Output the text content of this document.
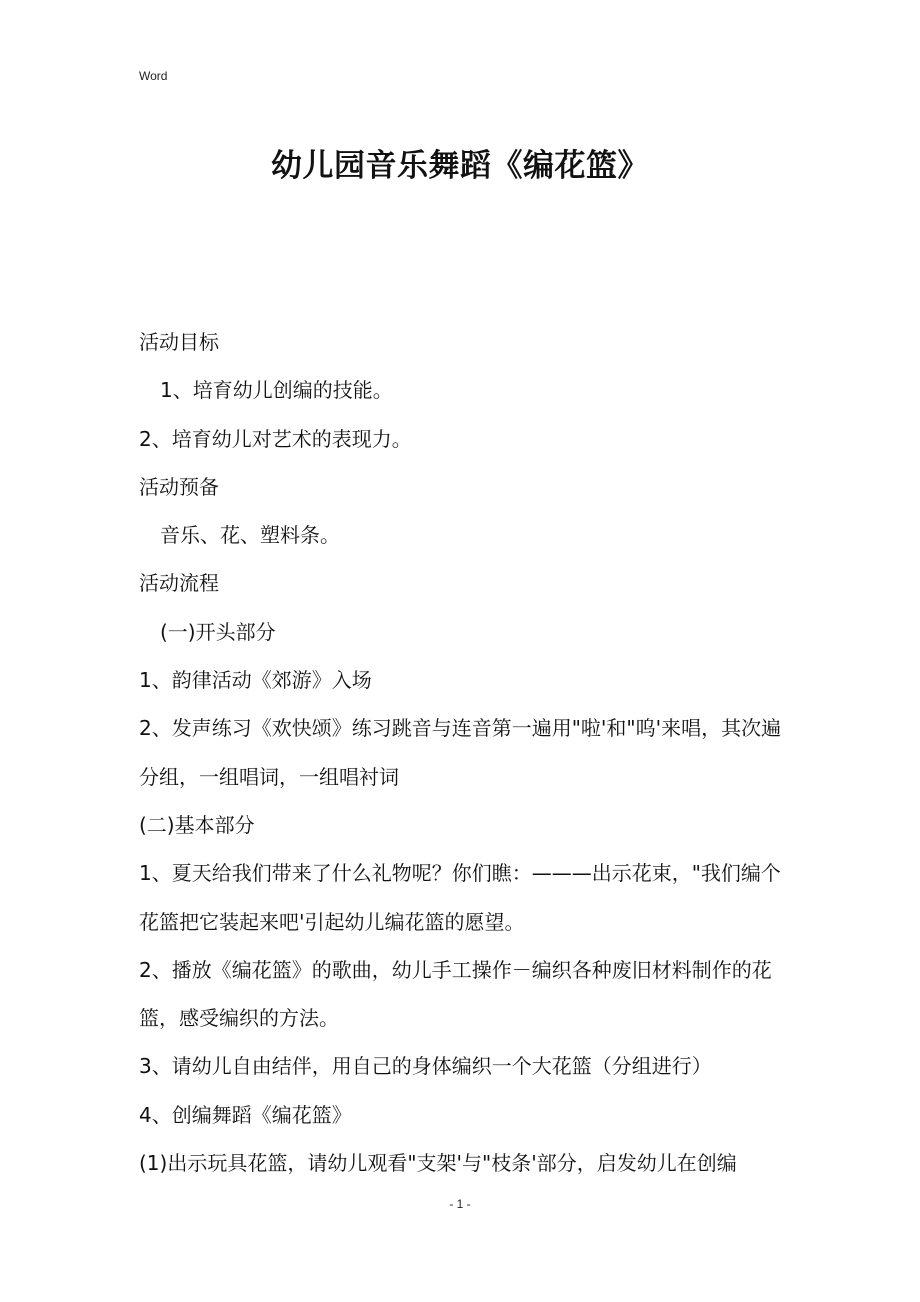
Word
幼儿园音乐舞蹈《编花篮》

活动目标

1、培育幼儿创编的技能。

2、培育幼儿对艺术的表现力。

活动预备

音乐、花、塑料条。

活动流程

(一)开头部分

1、韵律活动《郊游》入场

2、发声练习《欢快颂》练习跳音与连音第一遍用"啦'和"呜'来唱，其次遍分组，一组唱词，一组唱衬词

(二)基本部分

1、夏天给我们带来了什么礼物呢？你们瞧：———出示花束，"我们编个花篮把它装起来吧'引起幼儿编花篮的愿望。

2、播放《编花篮》的歌曲，幼儿手工操作－编织各种废旧材料制作的花篮，感受编织的方法。

3、请幼儿自由结伴，用自己的身体编织一个大花篮（分组进行）

4、创编舞蹈《编花篮》

(1)出示玩具花篮，请幼儿观看"支架'与"枝条'部分，启发幼儿在创编

- 1 -
